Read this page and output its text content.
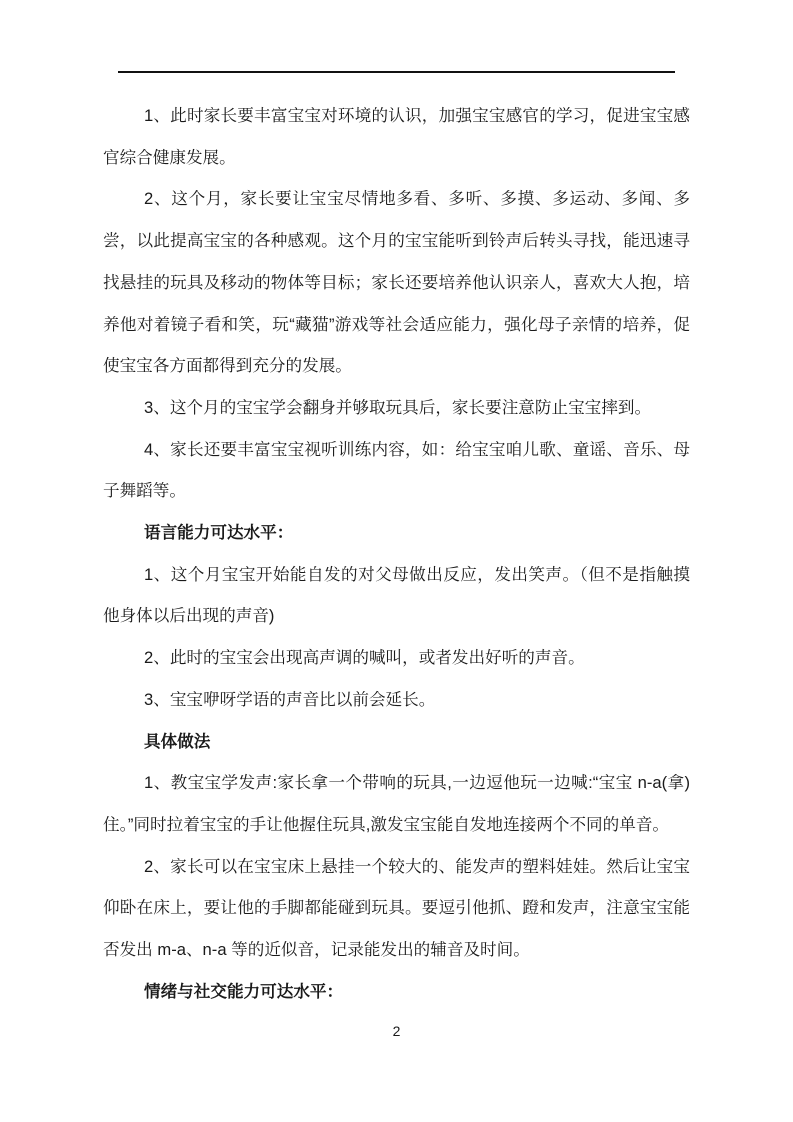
1、此时家长要丰富宝宝对环境的认识，加强宝宝感官的学习，促进宝宝感官综合健康发展。

2、这个月，家长要让宝宝尽情地多看、多听、多摸、多运动、多闻、多尝，以此提高宝宝的各种感观。这个月的宝宝能听到铃声后转头寻找，能迅速寻找悬挂的玩具及移动的物体等目标；家长还要培养他认识亲人，喜欢大人抱，培养他对着镜子看和笑，玩“藏猫”游戏等社会适应能力，强化母子亲情的培养，促使宝宝各方面都得到充分的发展。

3、这个月的宝宝学会翻身并够取玩具后，家长要注意防止宝宝摔到。

4、家长还要丰富宝宝视听训练内容，如：给宝宝咱儿歌、童谣、音乐、母子舞蹈等。

语言能力可达水平：

1、这个月宝宝开始能自发的对父母做出反应，发出笑声。（但不是指触摸他身体以后出现的声音)

2、此时的宝宝会出现高声调的喊叫，或者发出好听的声音。

3、宝宝咿呀学语的声音比以前会延长。

具体做法

1、教宝宝学发声:家长拿一个带响的玩具,一边逗他玩一边喊:“宝宝 n-a(拿)住。”同时拉着宝宝的手让他握住玩具,激发宝宝能自发地连接两个不同的单音。

2、家长可以在宝宝床上悬挂一个较大的、能发声的塑料娃娃。然后让宝宝仰卧在床上，要让他的手脚都能碰到玩具。要逗引他抓、蹬和发声，注意宝宝能否发出 m-a、n-a 等的近似音，记录能发出的辅音及时间。

情绪与社交能力可达水平：

2
